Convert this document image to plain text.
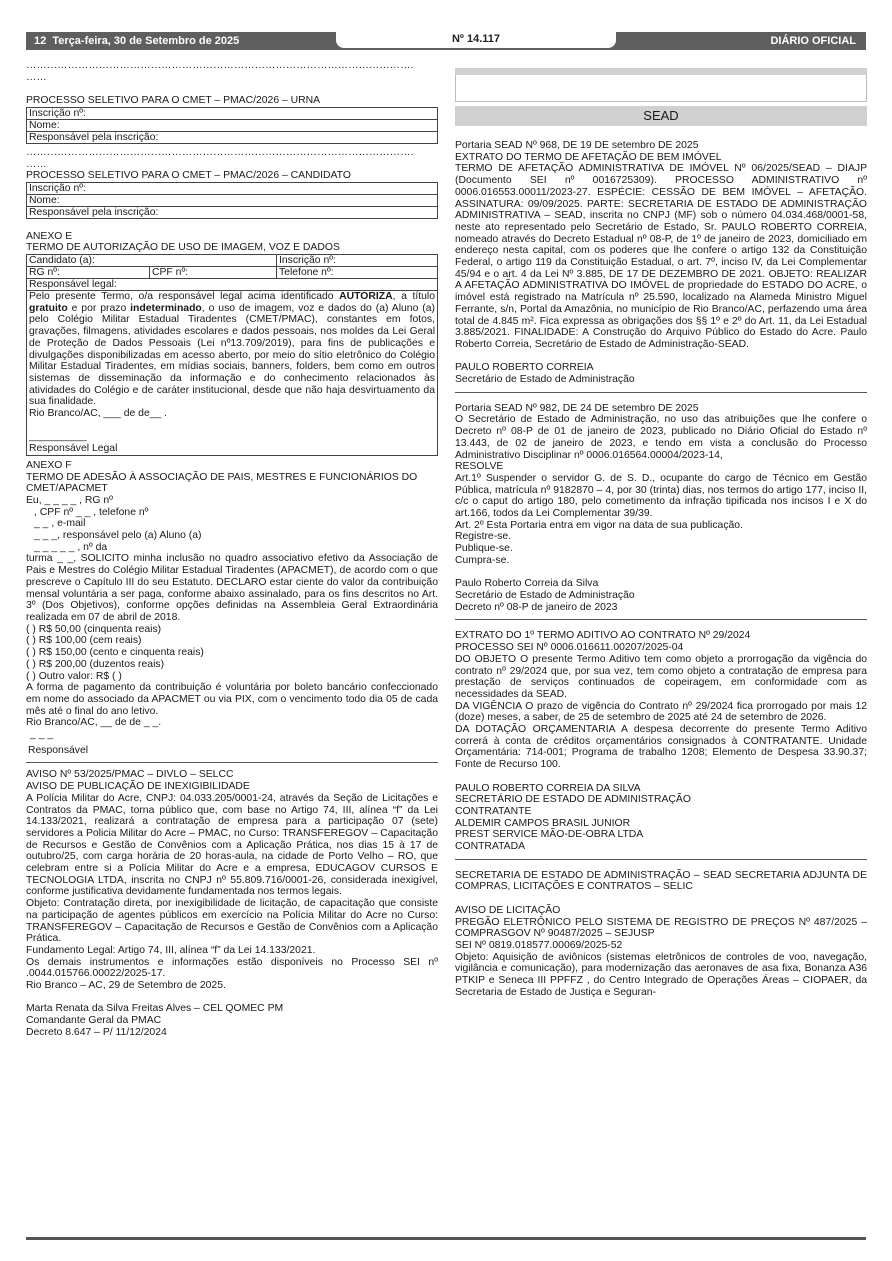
12 Terça-feira, 30 de Setembro de 2025	Nº 14.117	DIÁRIO OFICIAL

………………………………………………………………………………………………….

……

PROCESSO SELETIVO PARA O CMET – PMAC/2026 – URNA

Inscrição nº:
Nome:
Responsável pela inscrição:

………………………………………………………………………………………………….

……

PROCESSO SELETIVO PARA O CMET – PMAC/2026 – CANDIDATO

Inscrição nº:
Nome:
Responsável pela inscrição:

ANEXO E

TERMO DE AUTORIZAÇÃO DE USO DE IMAGEM, VOZ E DADOS

Candidato (a):		Inscrição nº:
RG nº:	CPF nº:	Telefone nº:
Responsável legal:		
Pelo presente Termo, o/a responsável legal acima identificado AUTORIZA, a título gratuito e por prazo indeterminado, o uso de imagem, voz e dados do (a) Aluno (a) pelo Colégio Militar Estadual Tiradentes (CMET/PMAC), constantes em fotos, gravações, filmagens, atividades escolares e dados pessoais, nos moldes da Lei Geral de Proteção de Dados Pessoais (Lei nº13.709/2019), para fins de publicações e divulgações disponibilizadas em acesso aberto, por meio do sítio eletrônico do Colégio Militar Estadual Tiradentes, em mídias sociais, banners, folders, bem como em outros sistemas de disseminação da informação e do conhecimento relacionados às atividades do Colégio e de caráter institucional, desde que não haja desvirtuamento da sua finalidade.
Rio Branco/AC, ___ de de__ .

__________
Responsável Legal		

ANEXO F

TERMO DE ADESÃO À ASSOCIAÇÃO DE PAIS, MESTRES E FUNCIONÁRIOS DO CMET/APACMET

Eu, _ _ _ _ , RG nº

, CPF nº _ _ , telefone nº

_ _ , e-mail

_ _ _, responsável pelo (a) Aluno (a)

_ _ _ _ _ , nº da

turma _ _, SOLICITO minha inclusão no quadro associativo efetivo da Associação de Pais e Mestres do Colégio Militar Estadual Tiradentes (APACMET), de acordo com o que prescreve o Capítulo III do seu Estatuto. DECLARO estar ciente do valor da contribuição mensal voluntária a ser paga, conforme abaixo assinalado, para os fins descritos no Art. 3º (Dos Objetivos), conforme opções definidas na Assembleia Geral Extraordinária realizada em 07 de abril de 2018.

( ) R$ 50,00 (cinquenta reais)

( ) R$ 100,00 (cem reais)

( ) R$ 150,00 (cento e cinquenta reais)

( ) R$ 200,00 (duzentos reais)

( ) Outro valor: R$ ( )

A forma de pagamento da contribuição é voluntária por boleto bancário confeccionado em nome do associado da APACMET ou via PIX, com o vencimento todo dia 05 de cada mês até o final do ano letivo.

Rio Branco/AC, __ de de _ _.

_ _ _

Responsável

AVISO Nº 53/2025/PMAC – DIVLO – SELCC

AVISO DE PUBLICAÇÃO DE INEXIGIBILIDADE

A Polícia Militar do Acre, CNPJ: 04.033.205/0001-24, através da Seção de Licitações e Contratos da PMAC, torna público que, com base no Artigo 74, III, alínea “f” da Lei 14.133/2021, realizará a contratação de empresa para a participação 07 (sete) servidores a Policia Militar do Acre – PMAC, no Curso: TRANSFEREGOV – Capacitação de Recursos e Gestão de Convênios com a Aplicação Prática, nos dias 15 à 17 de outubro/25, com carga horária de 20 horas-aula, na cidade de Porto Velho – RO, que celebram entre si a Polícia Militar do Acre e a empresa, EDUCAGOV CURSOS E TECNOLOGIA LTDA, inscrita no CNPJ nº 55.809.716/0001-26, considerada inexigível, conforme justificativa devidamente fundamentada nos termos legais.

Objeto: Contratação direta, por inexigibilidade de licitação, de capacitação que consiste na participação de agentes públicos em exercício na Polícia Militar do Acre no Curso: TRANSFEREGOV – Capacitação de Recursos e Gestão de Convênios com a Aplicação Prática.

Fundamento Legal: Artigo 74, III, alínea “f” da Lei 14.133/2021.

Os demais instrumentos e informações estão disponíveis no Processo SEI nº .0044.015766.00022/2025-17.

Rio Branco – AC, 29 de Setembro de 2025.

Marta Renata da Silva Freitas Alves – CEL QOMEC PM

Comandante Geral da PMAC

Decreto 8.647 – P/ 11/12/2024

SEAD

Portaria SEAD Nº 968, DE 19 DE setembro DE 2025

EXTRATO DO TERMO DE AFETAÇÃO DE BEM IMÓVEL

TERMO DE AFETAÇÃO ADMINISTRATIVA DE IMÓVEL Nº 06/2025/SEAD – DIAJP (Documento SEI nº 0016725309). PROCESSO ADMINISTRATIVO nº 0006.016553.00011/2023-27. ESPÉCIE: CESSÃO DE BEM IMÓVEL – AFETAÇÃO. ASSINATURA: 09/09/2025. PARTE: SECRETARIA DE ESTADO DE ADMINISTRAÇÃO ADMINISTRATIVA – SEAD, inscrita no CNPJ (MF) sob o número 04.034.468/0001-58, neste ato representado pelo Secretário de Estado, Sr. PAULO ROBERTO CORREIA, nomeado através do Decreto Estadual nº 08-P, de 1º de janeiro de 2023, domiciliado em endereço nesta capital, com os poderes que lhe confere o artigo 132 da Constituição Federal, o artigo 119 da Constituição Estadual, o art. 7º, inciso IV, da Lei Complementar 45/94 e o art. 4 da Lei Nº 3.885, DE 17 DE DEZEMBRO DE 2021. OBJETO: REALIZAR A AFETAÇÃO ADMINISTRATIVA DO IMÓVEL de propriedade do ESTADO DO ACRE, o imóvel está registrado na Matrícula nº 25.590, localizado na Alameda Ministro Miguel Ferrante, s/n, Portal da Amazônia, no município de Rio Branco/AC, perfazendo uma área total de 4.845 m². Fica expressa as obrigações dos §§ 1º e 2º do Art. 11, da Lei Estadual 3.885/2021. FINALIDADE: A Construção do Arquivo Público do Estado do Acre. Paulo Roberto Correia, Secretário de Estado de Administração-SEAD.

PAULO ROBERTO CORREIA

Secretário de Estado de Administração

Portaria SEAD Nº 982, DE 24 DE setembro DE 2025

O Secretário de Estado de Administração, no uso das atribuições que lhe confere o Decreto nº 08-P de 01 de janeiro de 2023, publicado no Diário Oficial do Estado nº 13.443, de 02 de janeiro de 2023, e tendo em vista a conclusão do Processo Administrativo Disciplinar nº 0006.016564.00004/2023-14,

RESOLVE

Art.1º Suspender o servidor G. de S. D., ocupante do cargo de Técnico em Gestão Pública, matrícula nº 9182870 – 4, por 30 (trinta) dias, nos termos do artigo 177, inciso II, c/c o caput do artigo 180, pelo cometimento da infração tipificada nos incisos I e X do art.166, todos da Lei Complementar 39/39.

Art. 2º Esta Portaria entra em vigor na data de sua publicação.

Registre-se.

Publique-se.

Cumpra-se.

Paulo Roberto Correia da Silva

Secretário de Estado de Administração

Decreto nº 08-P de janeiro de 2023

EXTRATO DO 1º TERMO ADITIVO AO CONTRATO Nº 29/2024

PROCESSO SEI Nº 0006.016611.00207/2025-04

DO OBJETO O presente Termo Aditivo tem como objeto a prorrogação da vigência do contrato nº 29/2024 que, por sua vez, tem como objeto a contratação de empresa para prestação de serviços continuados de copeiragem, em conformidade com as necessidades da SEAD.

DA VIGÊNCIA O prazo de vigência do Contrato nº 29/2024 fica prorrogado por mais 12 (doze) meses, a saber, de 25 de setembro de 2025 até 24 de setembro de 2026.

DA DOTAÇÃO ORÇAMENTARIA A despesa decorrente do presente Termo Aditivo correrá à conta de créditos orçamentários consignados à CONTRATANTE. Unidade Orçamentária: 714-001; Programa de trabalho 1208; Elemento de Despesa 33.90.37; Fonte de Recurso 100.

PAULO ROBERTO CORREIA DA SILVA

SECRETÁRIO DE ESTADO DE ADMINISTRAÇÃO

CONTRATANTE

ALDEMIR CAMPOS BRASIL JUNIOR

PREST SERVICE MÃO-DE-OBRA LTDA

CONTRATADA

SECRETARIA DE ESTADO DE ADMINISTRAÇÃO – SEAD SECRETARIA ADJUNTA DE COMPRAS, LICITAÇÕES E CONTRATOS – SELIC

AVISO DE LICITAÇÃO

PREGÃO ELETRÔNICO PELO SISTEMA DE REGISTRO DE PREÇOS Nº 487/2025 – COMPRASGOV Nº 90487/2025 – SEJUSP

SEI Nº 0819.018577.00069/2025-52

Objeto: Aquisição de aviônicos (sistemas eletrônicos de controles de voo, navegação, vigilância e comunicação), para modernização das aeronaves de asa fixa, Bonanza A36 PTKIP e Seneca III PPFFZ , do Centro Integrado de Operações Áreas – CIOPAER, da Secretaria de Estado de Justiça e Seguran-
